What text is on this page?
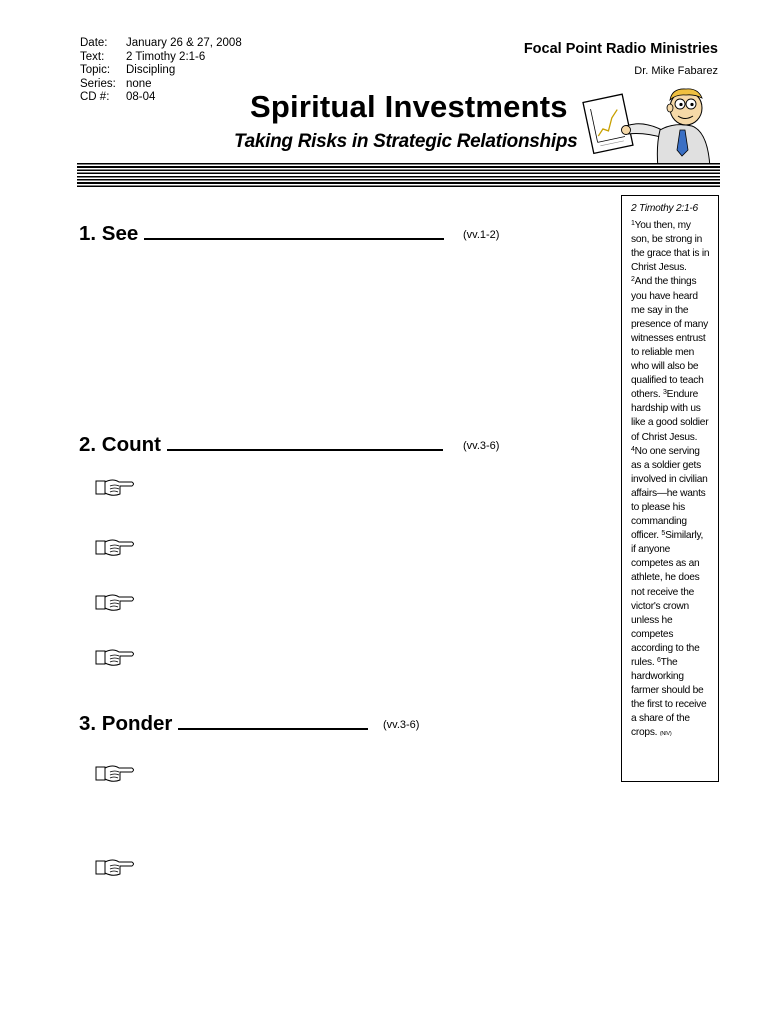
Date:	January 26 & 27, 2008
Text:	2 Timothy 2:1-6
Topic:	Discipling
Series: none
CD #:	08-04
Focal Point Radio Ministries
Dr. Mike Fabarez
Spiritual Investments
Taking Risks in Strategic Relationships
1. See	(vv.1-2)
2. Count	(vv.3-6)
3. Ponder	(vv.3-6)
2 Timothy 2:1-6
$^1$You then, my son, be strong in the grace that is in Christ Jesus. $^2$And the things you have heard me say in the presence of many witnesses entrust to reliable men who will also be qualified to teach others. $^3$Endure hardship with us like a good soldier of Christ Jesus. $^4$No one serving as a soldier gets involved in civilian affairs—he wants to please his commanding officer. $^5$Similarly, if anyone competes as an athlete, he does not receive the victor's crown unless he competes according to the rules. $^6$The hardworking farmer should be the first to receive a share of the crops. (NIV)
